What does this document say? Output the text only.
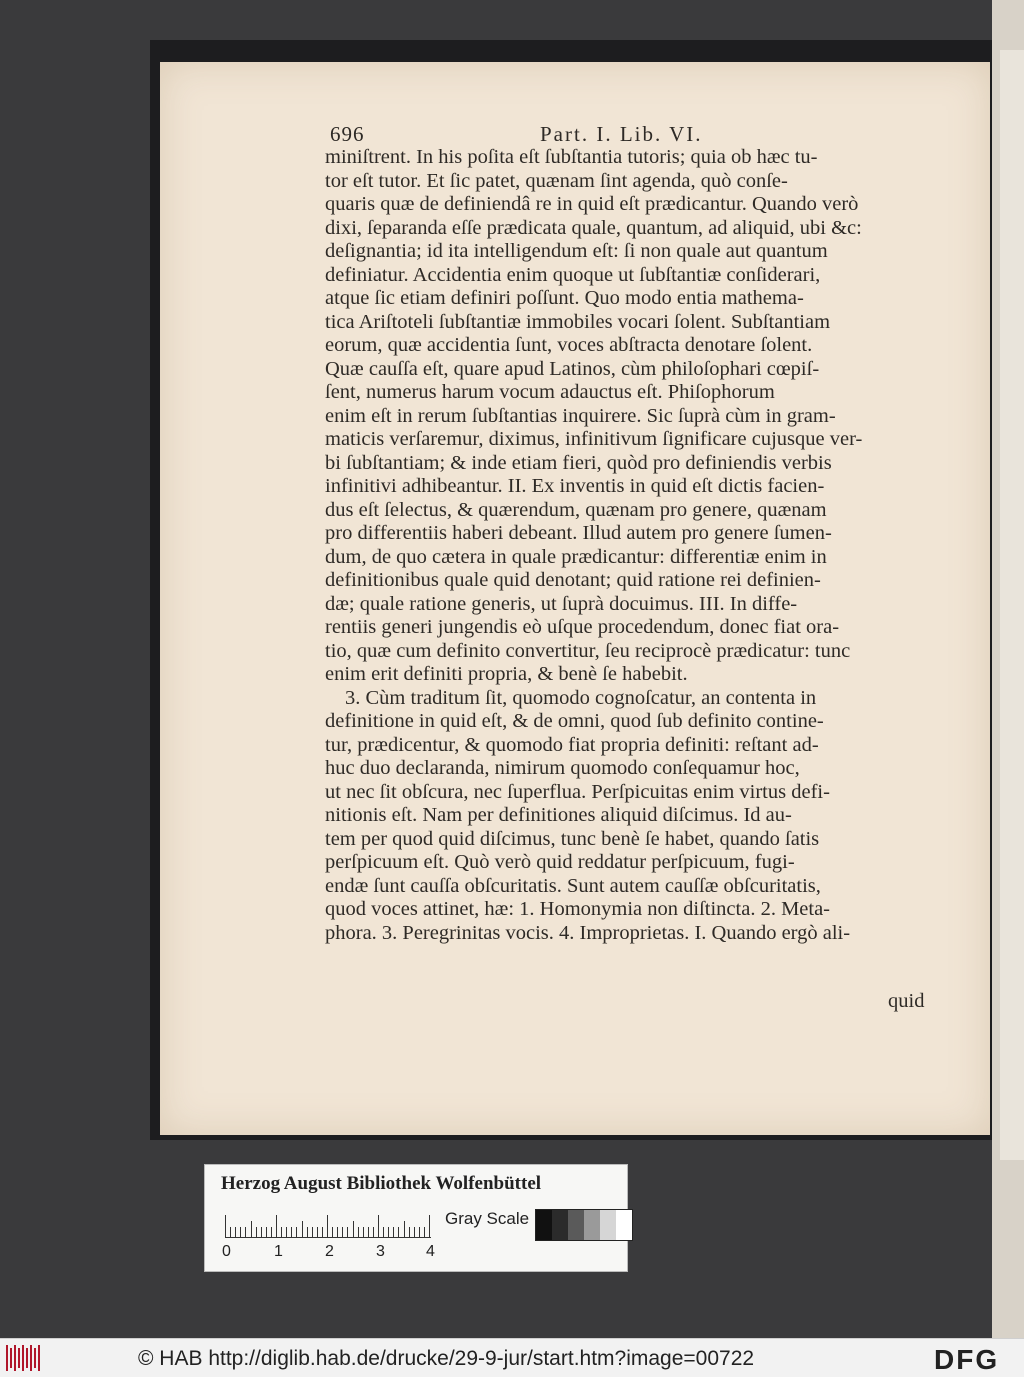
696	Part. I. Lib. VI.
miniſtrent. In his poſita eſt ſubſtantia tutoris; quia ob hæc tu-
tor eſt tutor. Et ſic patet, quænam ſint agenda, quò conſe-
quaris quæ de definiendâ re in quid eſt prædicantur. Quando verò
dixi, ſeparanda eſſe prædicata quale, quantum, ad aliquid, ubi &c:
deſignantia; id ita intelligendum eſt: ſi non quale aut quantum
definiatur. Accidentia enim quoque ut ſubſtantiæ conſiderari,
atque ſic etiam definiri poſſunt. Quo modo entia mathema-
tica Ariſtoteli ſubſtantiæ immobiles vocari ſolent. Subſtantiam
eorum, quæ accidentia ſunt, voces abſtracta denotare ſolent.
Quæ cauſſa eſt, quare apud Latinos, cùm philoſophari cœpiſ-
ſent, numerus harum vocum adauctus eſt. Phiſophorum
enim eſt in rerum ſubſtantias inquirere. Sic ſuprà cùm in gram-
maticis verſaremur, diximus, infinitivum ſignificare cujusque ver-
bi ſubſtantiam; & inde etiam fieri, quòd pro definiendis verbis
infinitivi adhibeantur. II. Ex inventis in quid eſt dictis facien-
dus eſt ſelectus, & quærendum, quænam pro genere, quænam
pro differentiis haberi debeant. Illud autem pro genere ſumen-
dum, de quo cætera in quale prædicantur: differentiæ enim in
definitionibus quale quid denotant; quid ratione rei definien-
dæ; quale ratione generis, ut ſuprà docuimus. III. In diffe-
rentiis generi jungendis eò uſque procedendum, donec fiat ora-
tio, quæ cum definito convertitur, ſeu reciprocè prædicatur: tunc
enim erit definiti propria, & benè ſe habebit.
3. Cùm traditum ſit, quomodo cognoſcatur, an contenta in
definitione in quid eſt, & de omni, quod ſub definito contine-
tur, prædicentur, & quomodo fiat propria definiti: reſtant ad-
huc duo declaranda, nimirum quomodo conſequamur hoc,
ut nec ſit obſcura, nec ſuperflua. Perſpicuitas enim virtus defi-
nitionis eſt. Nam per definitiones aliquid diſcimus. Id au-
tem per quod quid diſcimus, tunc benè ſe habet, quando ſatis
perſpicuum eſt. Quò verò quid reddatur perſpicuum, fugi-
endæ ſunt cauſſa obſcuritatis. Sunt autem cauſſæ obſcuritatis,
quod voces attinet, hæ: 1. Homonymia non diſtincta. 2. Meta-
phora. 3. Peregrinitas vocis. 4. Improprietas. I. Quando ergò ali-
quid
Herzog August Bibliothek Wolfenbüttel
0	1	2	3	4
Gray Scale
© HAB http://diglib.hab.de/drucke/29-9-jur/start.htm?image=00722	DFG
